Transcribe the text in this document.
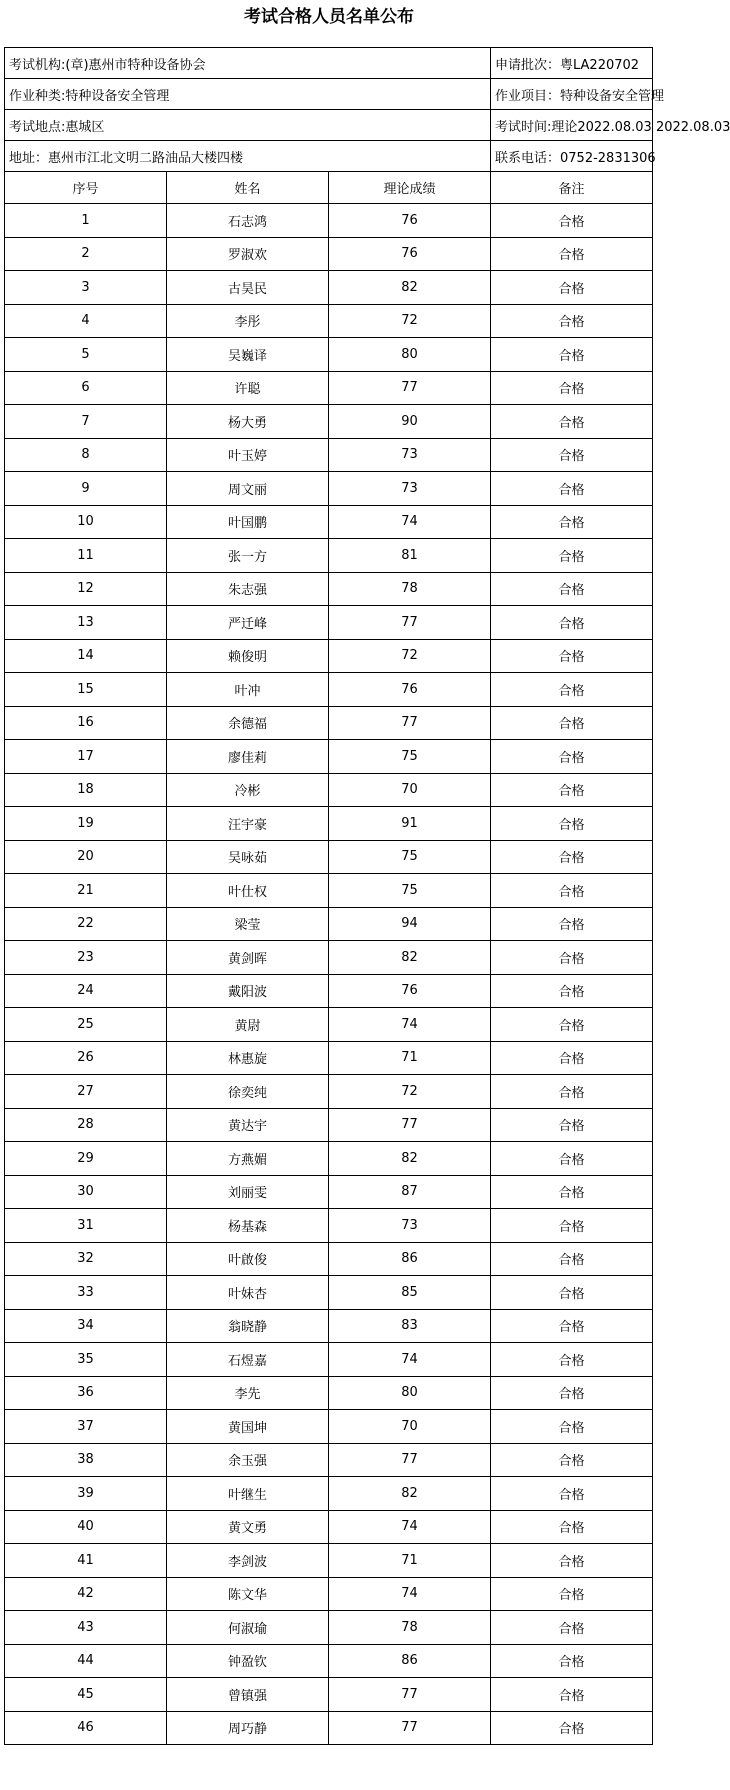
考试合格人员名单公布
考试机构:(章)惠州市特种设备协会			申请批次：粤LA220702
作业种类:特种设备安全管理			作业项目：特种设备安全管理
考试地点:惠城区			考试时间:理论2022.08.03 2022.08.03
地址：惠州市江北文明二路油品大楼四楼			联系电话：0752-2831306
序号	姓名	理论成绩	备注
1	石志鸿	76	合格
2	罗淑欢	76	合格
3	古昊民	82	合格
4	李彤	72	合格
5	吴巍译	80	合格
6	许聪	77	合格
7	杨大勇	90	合格
8	叶玉婷	73	合格
9	周文丽	73	合格
10	叶国鹏	74	合格
11	张一方	81	合格
12	朱志强	78	合格
13	严迁峰	77	合格
14	赖俊明	72	合格
15	叶冲	76	合格
16	余德福	77	合格
17	廖佳莉	75	合格
18	冷彬	70	合格
19	汪宇豪	91	合格
20	吴咏茹	75	合格
21	叶仕权	75	合格
22	梁莹	94	合格
23	黄剑晖	82	合格
24	戴阳波	76	合格
25	黄尉	74	合格
26	林惠旋	71	合格
27	徐奕纯	72	合格
28	黄达宇	77	合格
29	方燕媚	82	合格
30	刘丽雯	87	合格
31	杨基森	73	合格
32	叶啟俊	86	合格
33	叶妹杏	85	合格
34	翁晓静	83	合格
35	石煜嘉	74	合格
36	李先	80	合格
37	黄国坤	70	合格
38	余玉强	77	合格
39	叶继生	82	合格
40	黄文勇	74	合格
41	李剑波	71	合格
42	陈文华	74	合格
43	何淑瑜	78	合格
44	钟盈钦	86	合格
45	曾镇强	77	合格
46	周巧静	77	合格
